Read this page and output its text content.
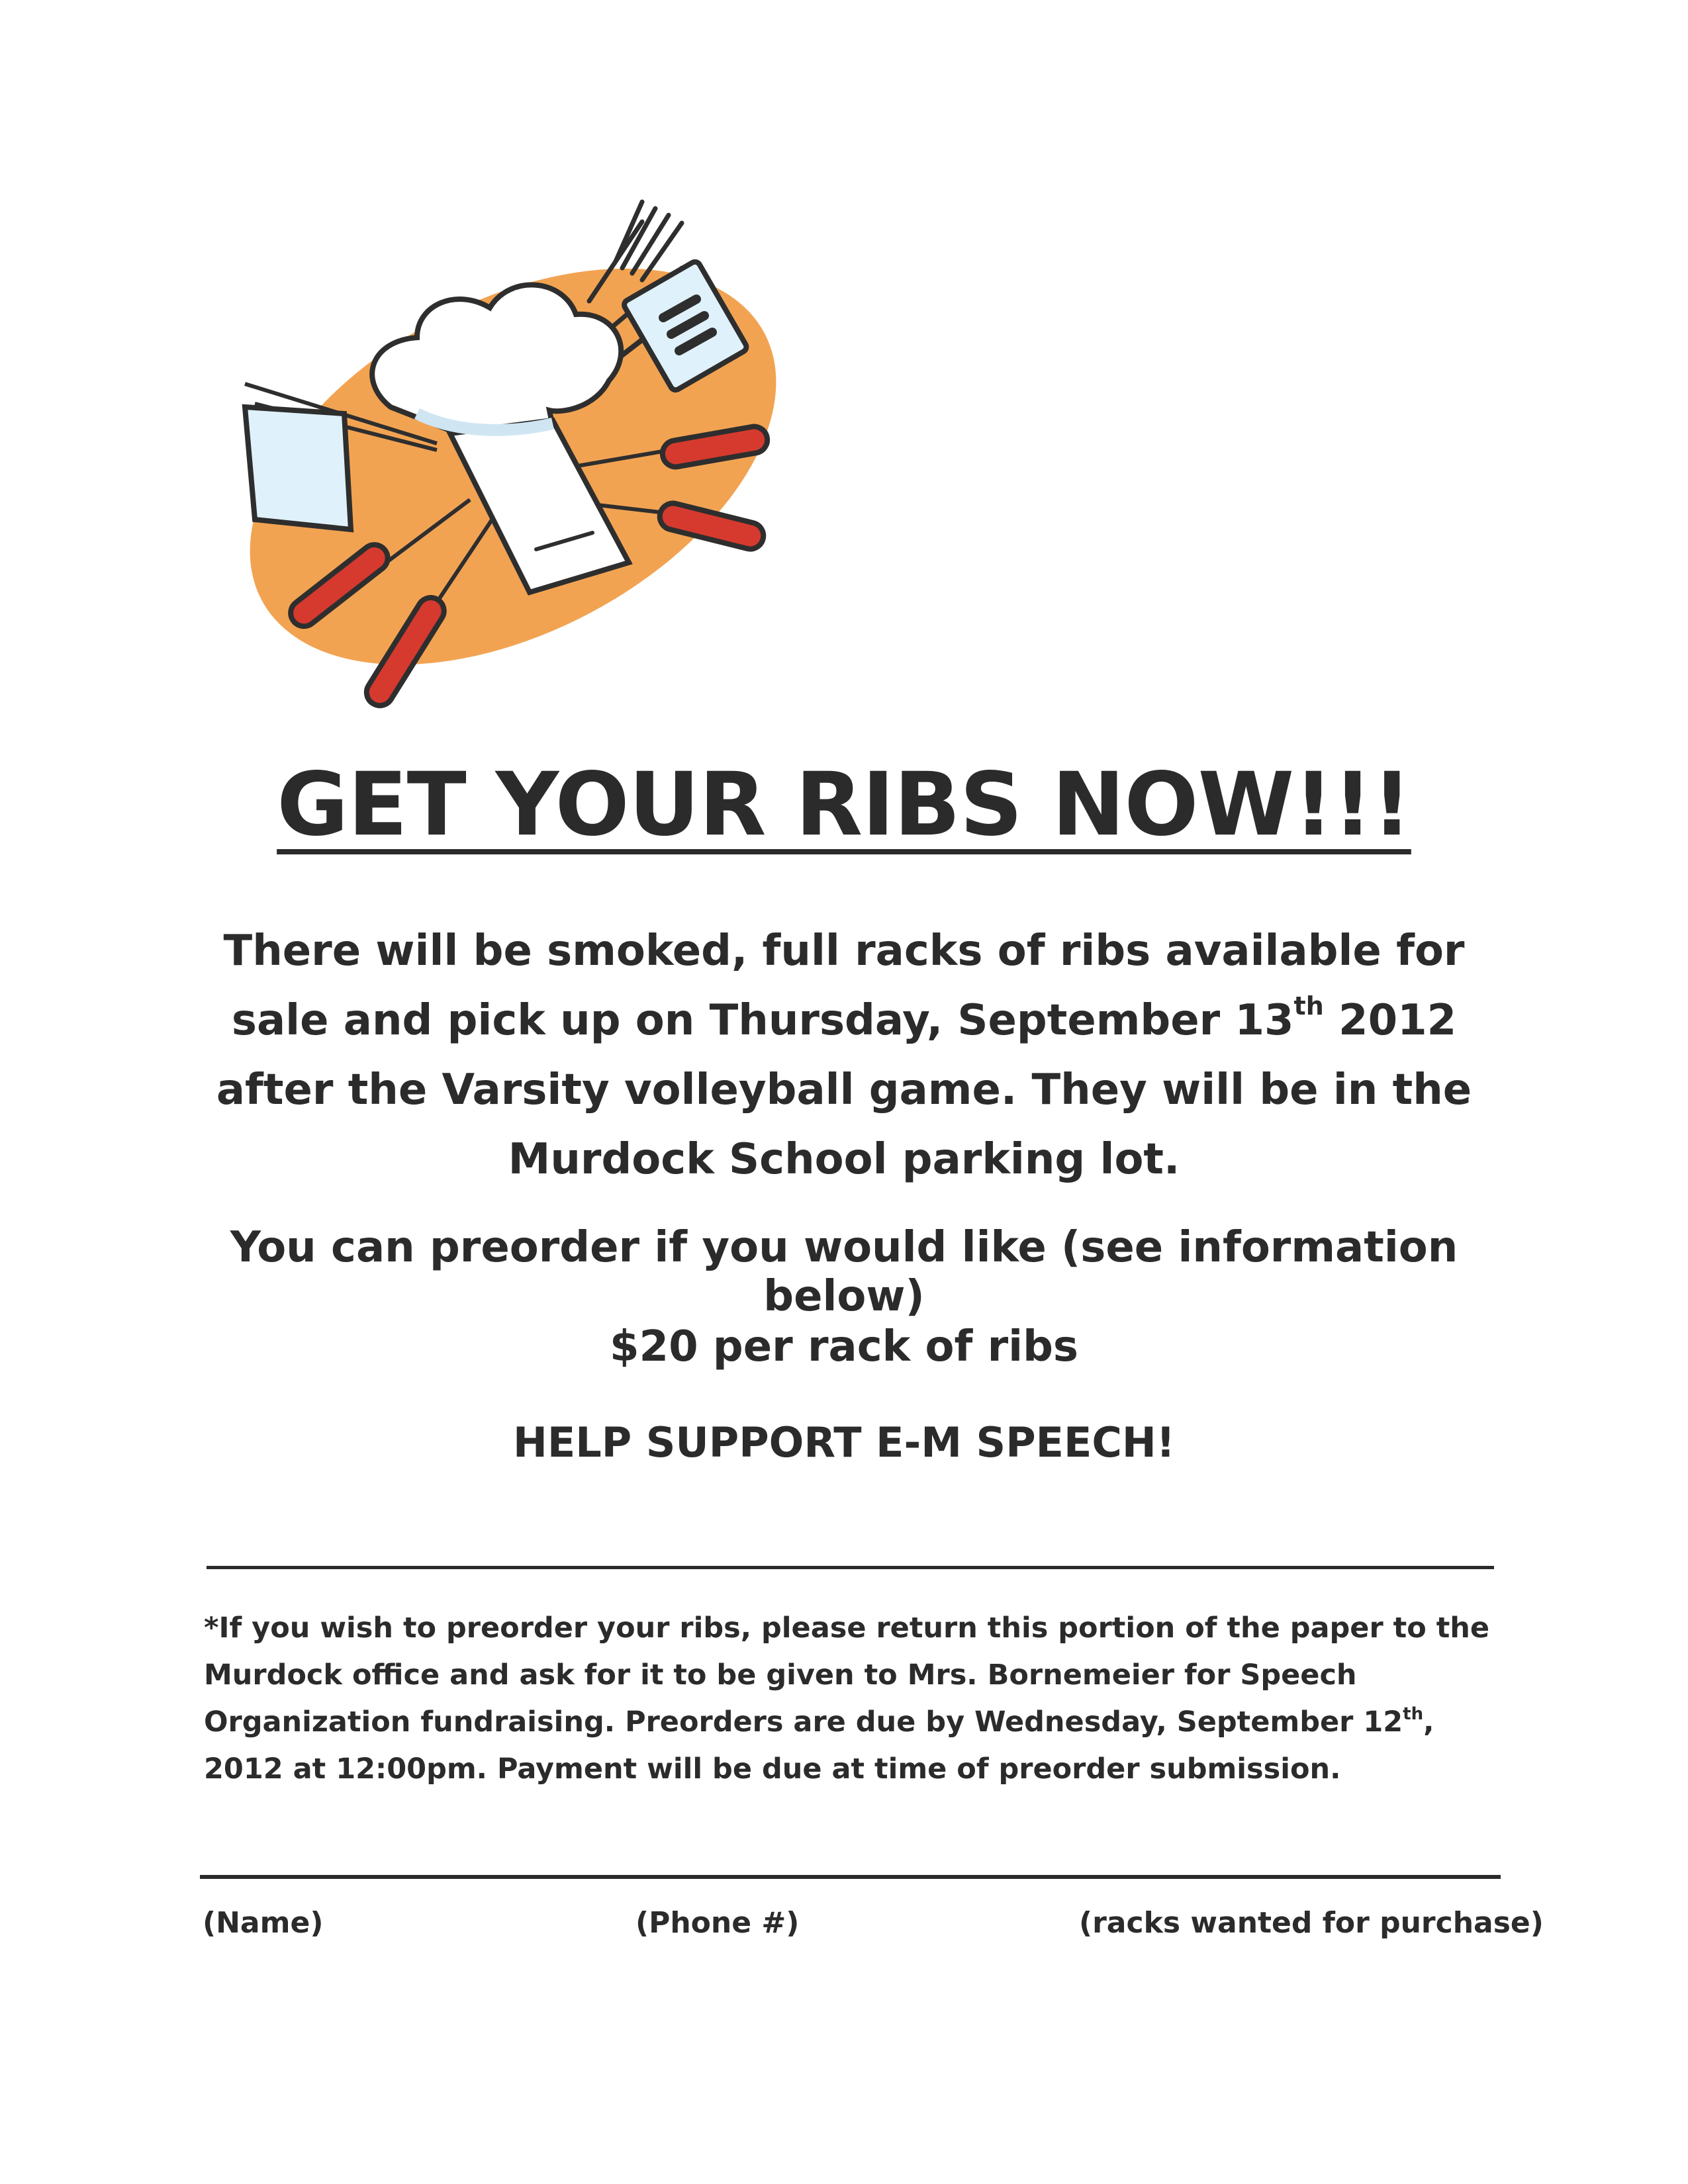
GET YOUR RIBS NOW!!!
There will be smoked, full racks of ribs available for sale and pick up on Thursday, September 13th 2012 after the Varsity volleyball game. They will be in the Murdock School parking lot.
You can preorder if you would like (see information below)
$20 per rack of ribs
HELP SUPPORT E-M SPEECH!
*If you wish to preorder your ribs, please return this portion of the paper to the Murdock office and ask for it to be given to Mrs. Bornemeier for Speech Organization fundraising. Preorders are due by Wednesday, September 12th, 2012 at 12:00pm. Payment will be due at time of preorder submission.
(Name)	(Phone #)	(racks wanted for purchase)
